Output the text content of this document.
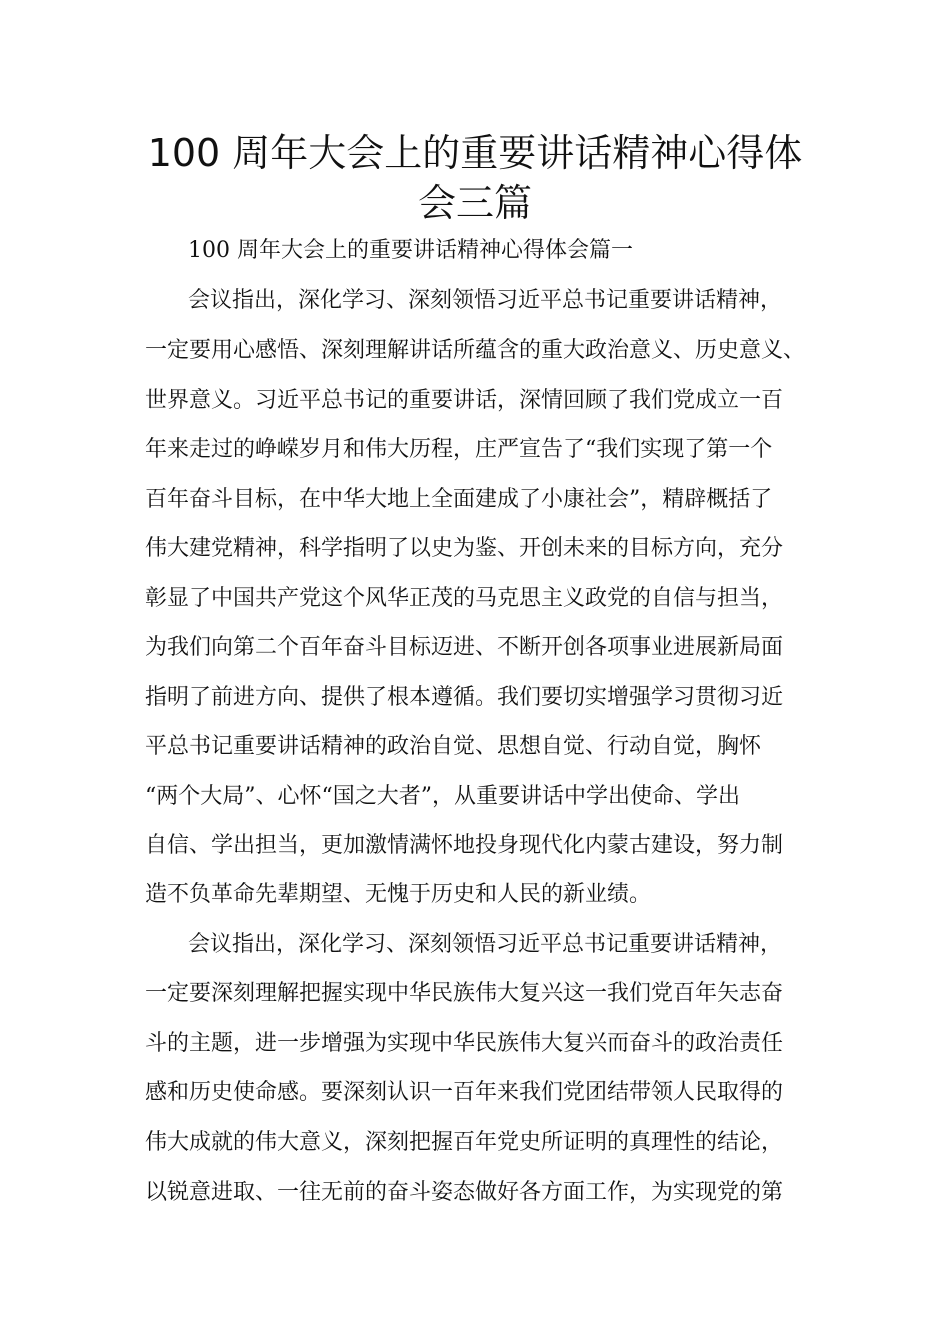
100 周年大会上的重要讲话精神心得体
会三篇
100 周年大会上的重要讲话精神心得体会篇一
会议指出，深化学习、深刻领悟习近平总书记重要讲话精神，
一定要用心感悟、深刻理解讲话所蕴含的重大政治意义、历史意义、
世界意义。习近平总书记的重要讲话，深情回顾了我们党成立一百
年来走过的峥嵘岁月和伟大历程，庄严宣告了“我们实现了第一个
百年奋斗目标，在中华大地上全面建成了小康社会”，精辟概括了
伟大建党精神，科学指明了以史为鉴、开创未来的目标方向，充分
彰显了中国共产党这个风华正茂的马克思主义政党的自信与担当，
为我们向第二个百年奋斗目标迈进、不断开创各项事业进展新局面
指明了前进方向、提供了根本遵循。我们要切实增强学习贯彻习近
平总书记重要讲话精神的政治自觉、思想自觉、行动自觉，胸怀
“两个大局”、心怀“国之大者”，从重要讲话中学出使命、学出
自信、学出担当，更加激情满怀地投身现代化内蒙古建设，努力制
造不负革命先辈期望、无愧于历史和人民的新业绩。
会议指出，深化学习、深刻领悟习近平总书记重要讲话精神，
一定要深刻理解把握实现中华民族伟大复兴这一我们党百年矢志奋
斗的主题，进一步增强为实现中华民族伟大复兴而奋斗的政治责任
感和历史使命感。要深刻认识一百年来我们党团结带领人民取得的
伟大成就的伟大意义，深刻把握百年党史所证明的真理性的结论，
以锐意进取、一往无前的奋斗姿态做好各方面工作，为实现党的第
